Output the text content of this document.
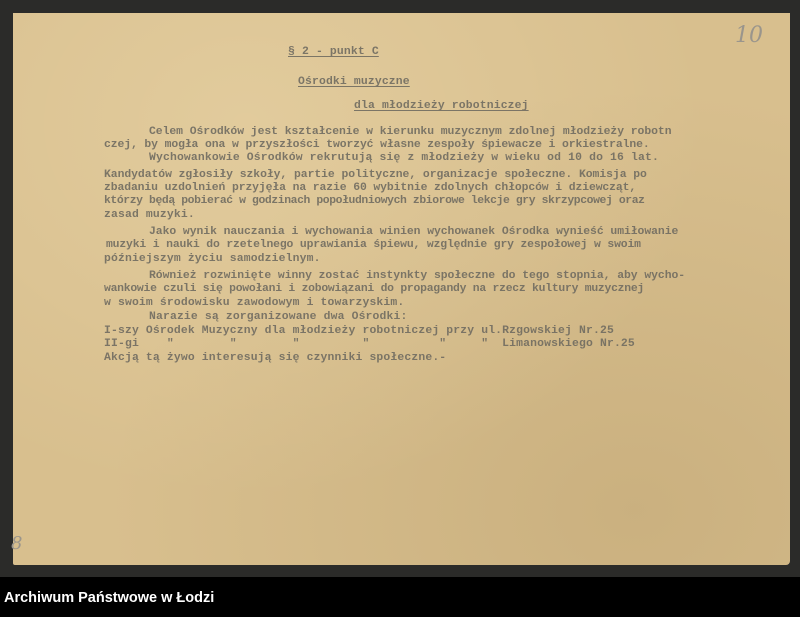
10
8
§ 2 - punkt C
Ośrodki muzyczne
dla młodzieży robotniczej
Celem Ośrodków jest kształcenie w kierunku muzycznym zdolnej młodzieży robotn
czej, by mogła ona w przyszłości tworzyć własne zespoły śpiewacze i orkiestralne.
Wychowankowie Ośrodków rekrutują się z młodzieży w wieku od 10 do 16 lat.
Kandydatów zgłosiły szkoły, partie polityczne, organizacje społeczne. Komisja po
zbadaniu uzdolnień przyjęła na razie 60 wybitnie zdolnych chłopców i dziewcząt,
którzy będą pobierać w godzinach popołudniowych zbiorowe lekcje gry skrzypcowej oraz
zasad muzyki.
Jako wynik nauczania i wychowania winien wychowanek Ośrodka wynieść umiłowanie
muzyki i nauki do rzetelnego uprawiania śpiewu, względnie gry zespołowej w swoim
późniejszym życiu samodzielnym.
Również rozwinięte winny zostać instynkty społeczne do tego stopnia, aby wycho-
wankowie czuli się powołani i zobowiązani do propagandy na rzecz kultury muzycznej
w swoim środowisku zawodowym i towarzyskim.
Narazie są zorganizowane dwa Ośrodki:
I-szy Ośrodek Muzyczny dla młodzieży robotniczej przy ul.Rzgowskiej Nr.25
II-gi    "        "        "         "          "     "  Limanowskiego Nr.25
Akcją tą żywo interesują się czynniki społeczne.-
Archiwum Państwowe w Łodzi
